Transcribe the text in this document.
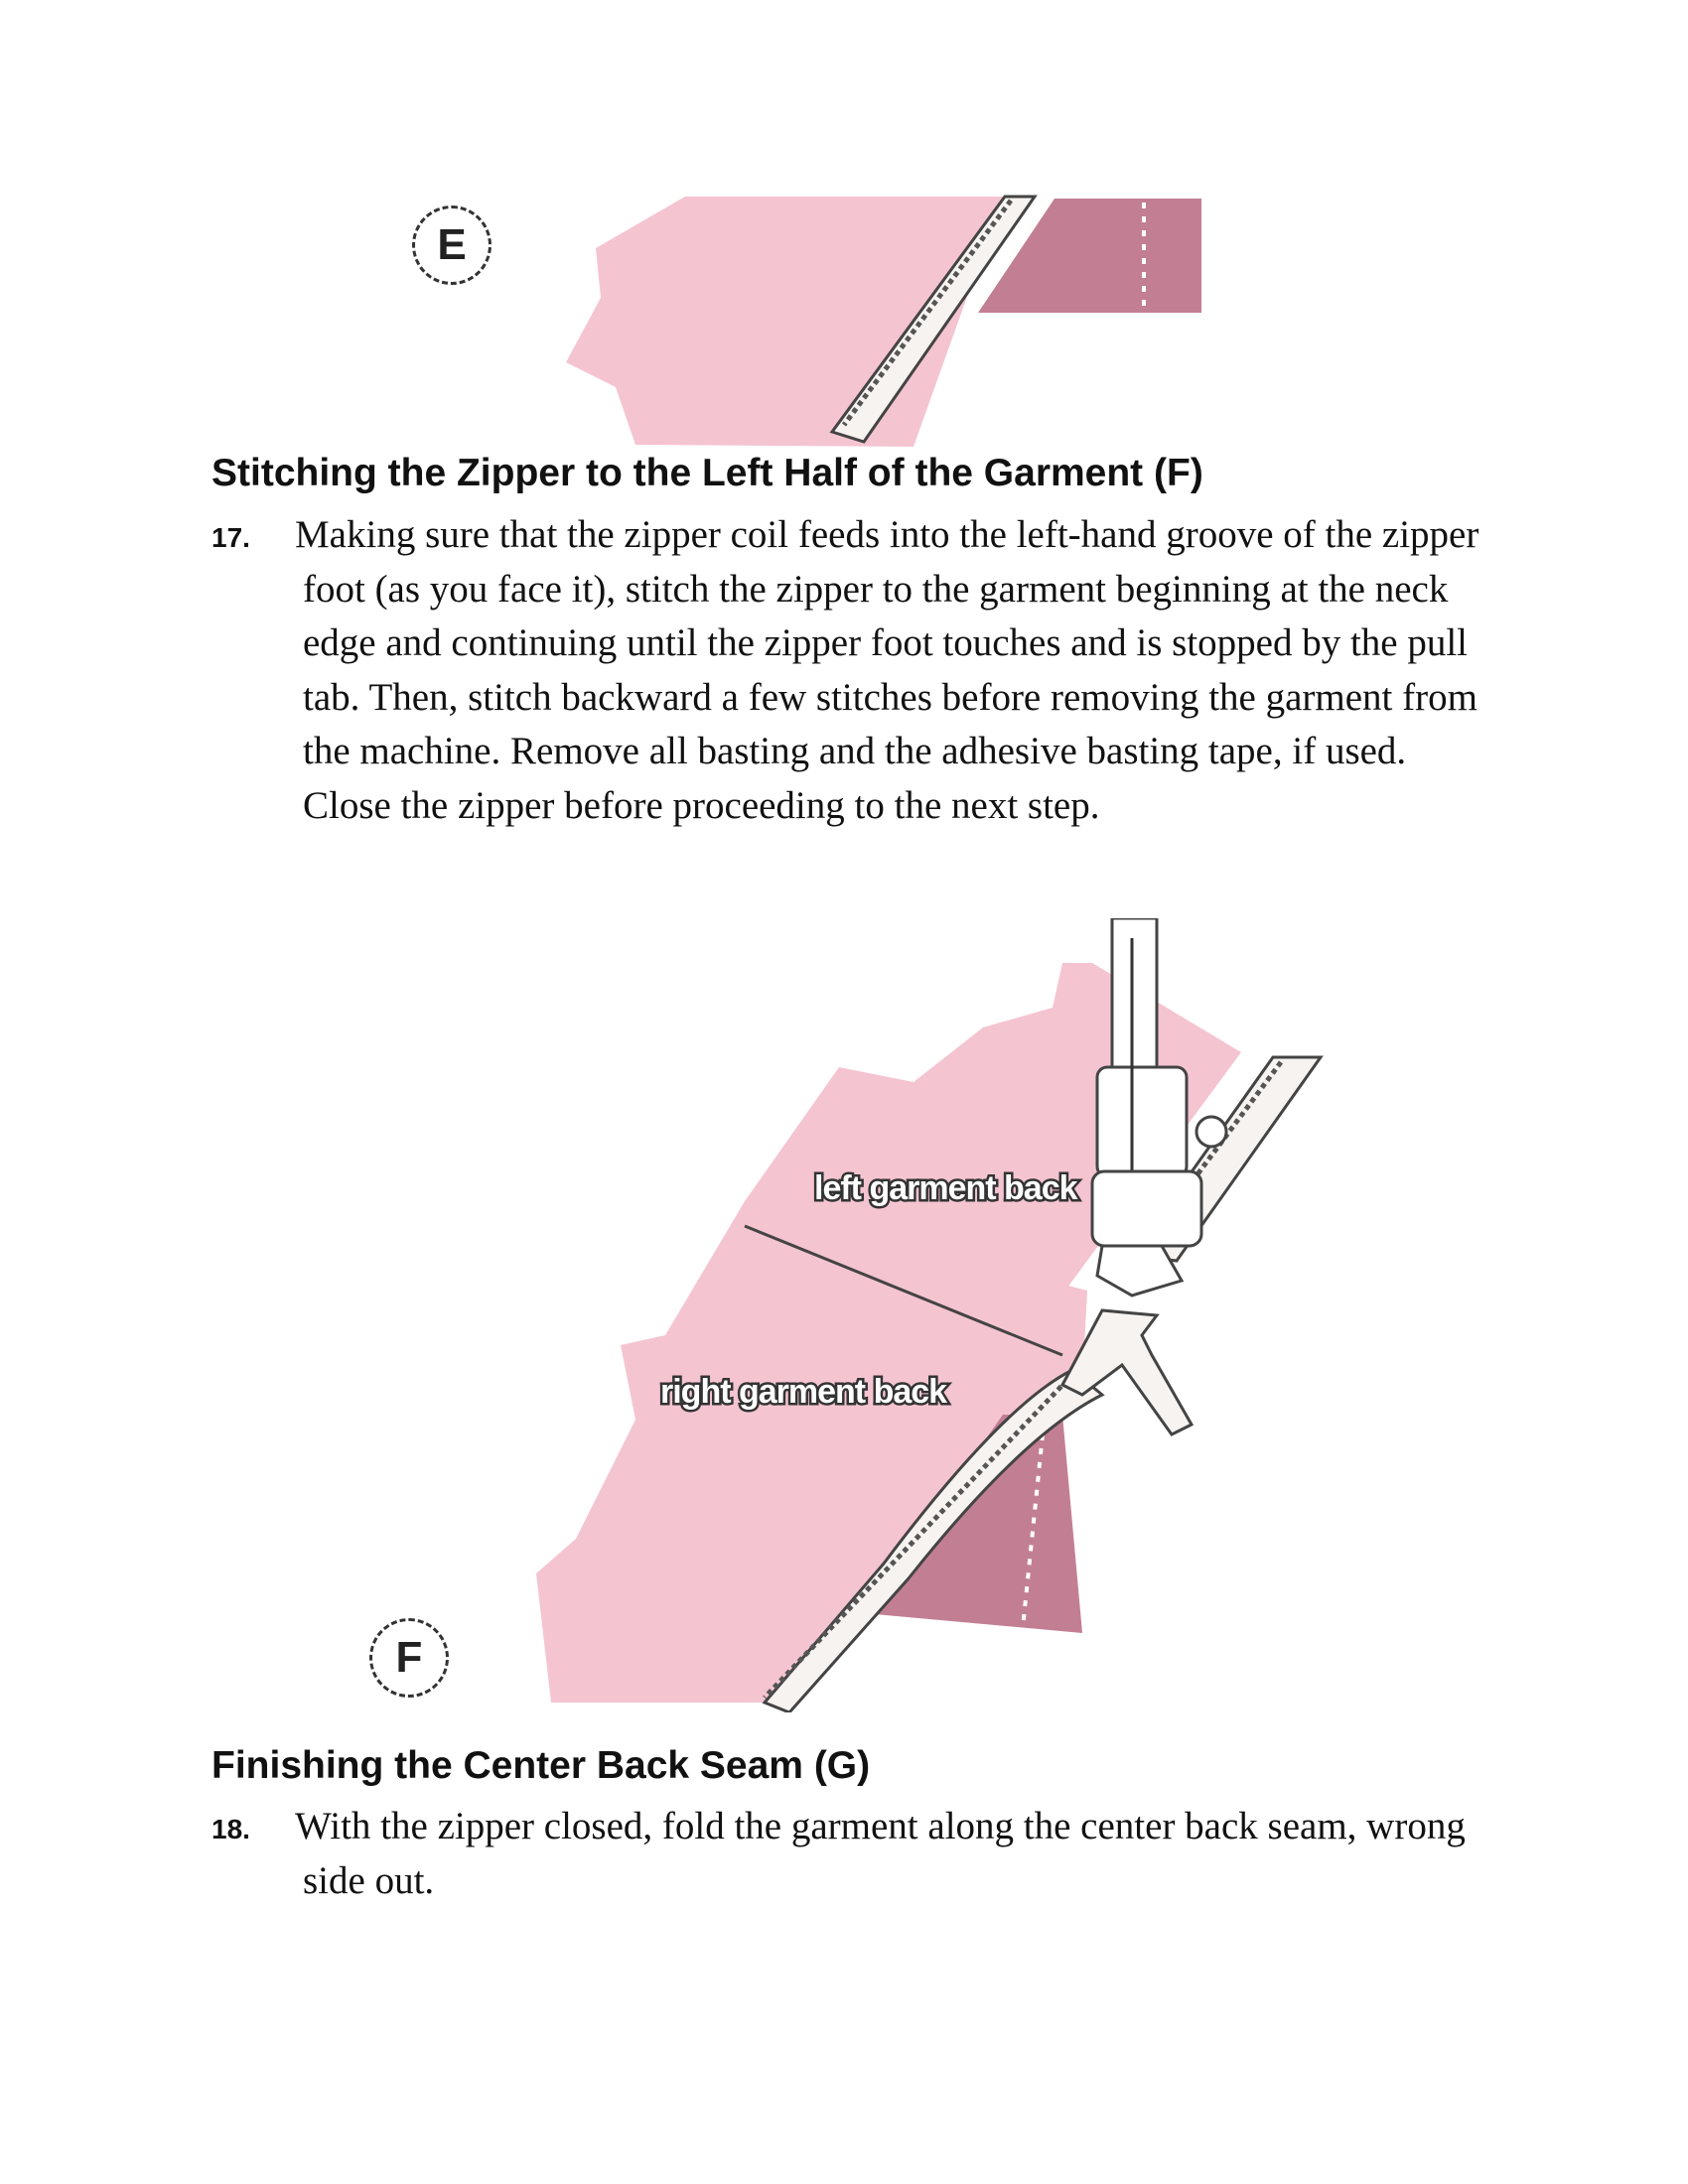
E
Stitching the Zipper to the Left Half of the Garment (F)
17.	Making sure that the zipper coil feeds into the left-hand groove of the zipper foot (as you face it), stitch the zipper to the garment beginning at the neck edge and continuing until the zipper foot touches and is stopped by the pull tab. Then, stitch backward a few stitches before removing the garment from the machine. Remove all basting and the adhesive basting tape, if used. Close the zipper before proceeding to the next step.

left garment back
right garment back
F
Finishing the Center Back Seam (G)
18.	With the zipper closed, fold the garment along the center back seam, wrong side out.
